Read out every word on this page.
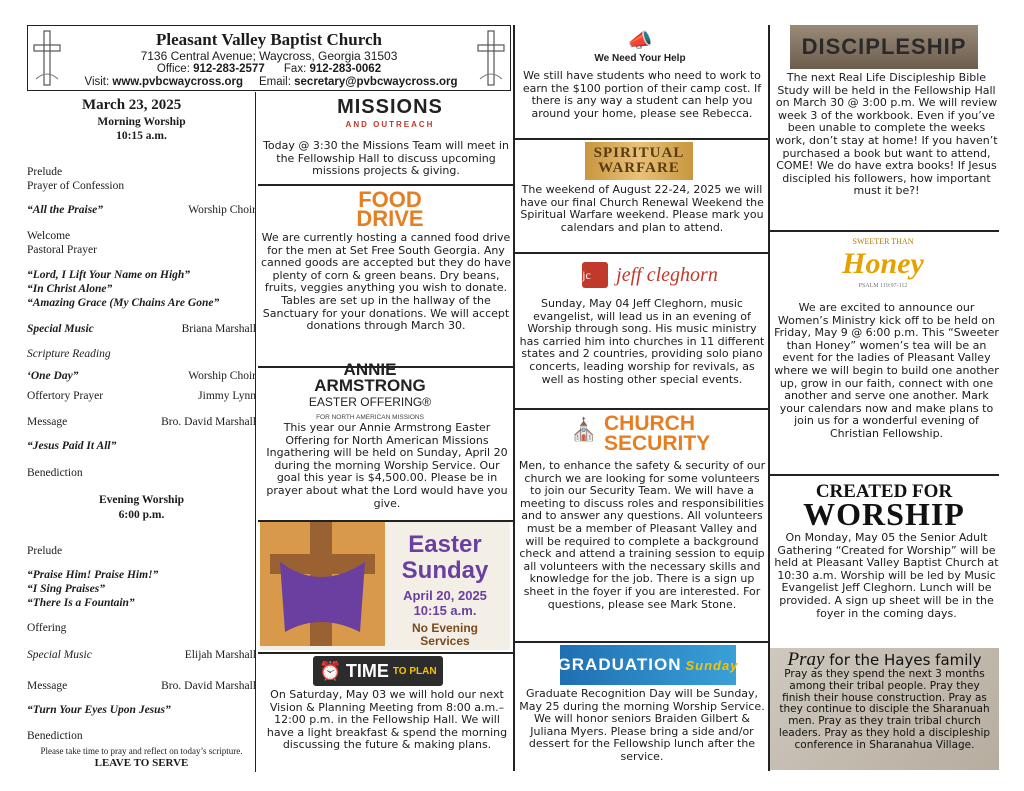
Pleasant Valley Baptist Church
7136 Central Avenue; Waycross, Georgia 31503
Office: 912-283-2577 Fax: 912-283-0062
Visit: www.pvbcwaycross.org Email: secretary@pvbcwaycross.org
March 23, 2025
Morning Worship
10:15 a.m.
Prelude
Prayer of Confession
“All the Praise”	Worship Choir
Welcome
Pastoral Prayer
“Lord, I Lift Your Name on High”
“In Christ Alone”
“Amazing Grace (My Chains Are Gone”
Special Music	Briana Marshall
Scripture Reading
‘One Day”	Worship Choir
Offertory Prayer	Jimmy Lynn
Message	Bro. David Marshall
“Jesus Paid It All”
Benediction
Evening Worship
6:00 p.m.
Prelude
“Praise Him! Praise Him!”
“I Sing Praises”
“There Is a Fountain”
Offering
Special Music	Elijah Marshall
Message	Bro. David Marshall
“Turn Your Eyes Upon Jesus”
Benediction
Please take time to pray and reflect on today’s scripture.
LEAVE TO SERVE
MISSIONS
AND OUTREACH
Today @ 3:30 the Missions Team will meet in the Fellowship Hall to discuss upcoming missions projects & giving.
FOOD
DRIVE
We are currently hosting a canned food drive for the men at Set Free South Georgia. Any canned goods are accepted but they do have plenty of corn & green beans. Dry beans, fruits, veggies anything you wish to donate. Tables are set up in the hallway of the Sanctuary for your donations. We will accept donations through March 30.
ANNIE
ARMSTRONG
EASTER OFFERING®
FOR NORTH AMERICAN MISSIONS
This year our Annie Armstrong Easter Offering for North American Missions Ingathering will be held on Sunday, April 20 during the morning Worship Service. Our goal this year is $4,500.00. Please be in prayer about what the Lord would have you give.
Easter
Sunday
April 20, 2025
10:15 a.m.
No Evening
Services
⏰ TIME TO PLAN
On Saturday, May 03 we will hold our next Vision & Planning Meeting from 8:00 a.m.– 12:00 p.m. in the Fellowship Hall. We will have a light breakfast & spend the morning discussing the future & making plans.
📣
We Need Your Help
We still have students who need to work to earn the $100 portion of their camp cost. If there is any way a student can help you around your home, please see Rebecca.
SPIRITUAL
WARFARE
The weekend of August 22-24, 2025 we will have our final Church Renewal Weekend the Spiritual Warfare weekend. Please mark you calendars and plan to attend.
jc	jeff cleghorn
Sunday, May 04 Jeff Cleghorn, music evangelist, will lead us in an evening of Worship through song. His music ministry has carried him into churches in 11 different states and 2 countries, providing solo piano concerts, leading worship for revivals, as well as hosting other special events.
⛪ CHURCH
SECURITY
Men, to enhance the safety & security of our church we are looking for some volunteers to join our Security Team. We will have a meeting to discuss roles and responsibilities and to answer any questions. All volunteers must be a member of Pleasant Valley and will be required to complete a background check and attend a training session to equip all volunteers with the necessary skills and knowledge for the job. There is a sign up sheet in the foyer if you are interested. For questions, please see Mark Stone.
GRADUATION Sunday
Graduate Recognition Day will be Sunday, May 25 during the morning Worship Service. We will honor seniors Braiden Gilbert & Juliana Myers. Please bring a side and/or dessert for the Fellowship lunch after the service.
DISCIPLESHIP
The next Real Life Discipleship Bible Study will be held in the Fellowship Hall on March 30 @ 3:00 p.m. We will review week 3 of the workbook. Even if you’ve been unable to complete the weeks work, don’t stay at home! If you haven’t purchased a book but want to attend, COME! We do have extra books! If Jesus discipled his followers, how important must it be?!
SWEETER THAN
Honey
PSALM 119:97-112
We are excited to announce our Women’s Ministry kick off to be held on Friday, May 9 @ 6:00 p.m. This “Sweeter than Honey” women’s tea will be an event for the ladies of Pleasant Valley where we will begin to build one another up, grow in our faith, connect with one another and serve one another. Mark your calendars now and make plans to join us for a wonderful evening of Christian Fellowship.
CREATED FOR
WORSHIP
On Monday, May 05 the Senior Adult Gathering “Created for Worship” will be held at Pleasant Valley Baptist Church at 10:30 a.m. Worship will be led by Music Evangelist Jeff Cleghorn. Lunch will be provided. A sign up sheet will be in the foyer in the coming days.
Pray for the Hayes family
Pray as they spend the next 3 months among their tribal people. Pray they finish their house construction. Pray as they continue to disciple the Sharanuah men. Pray as they train tribal church leaders. Pray as they hold a discipleship conference in Sharanahua Village.
